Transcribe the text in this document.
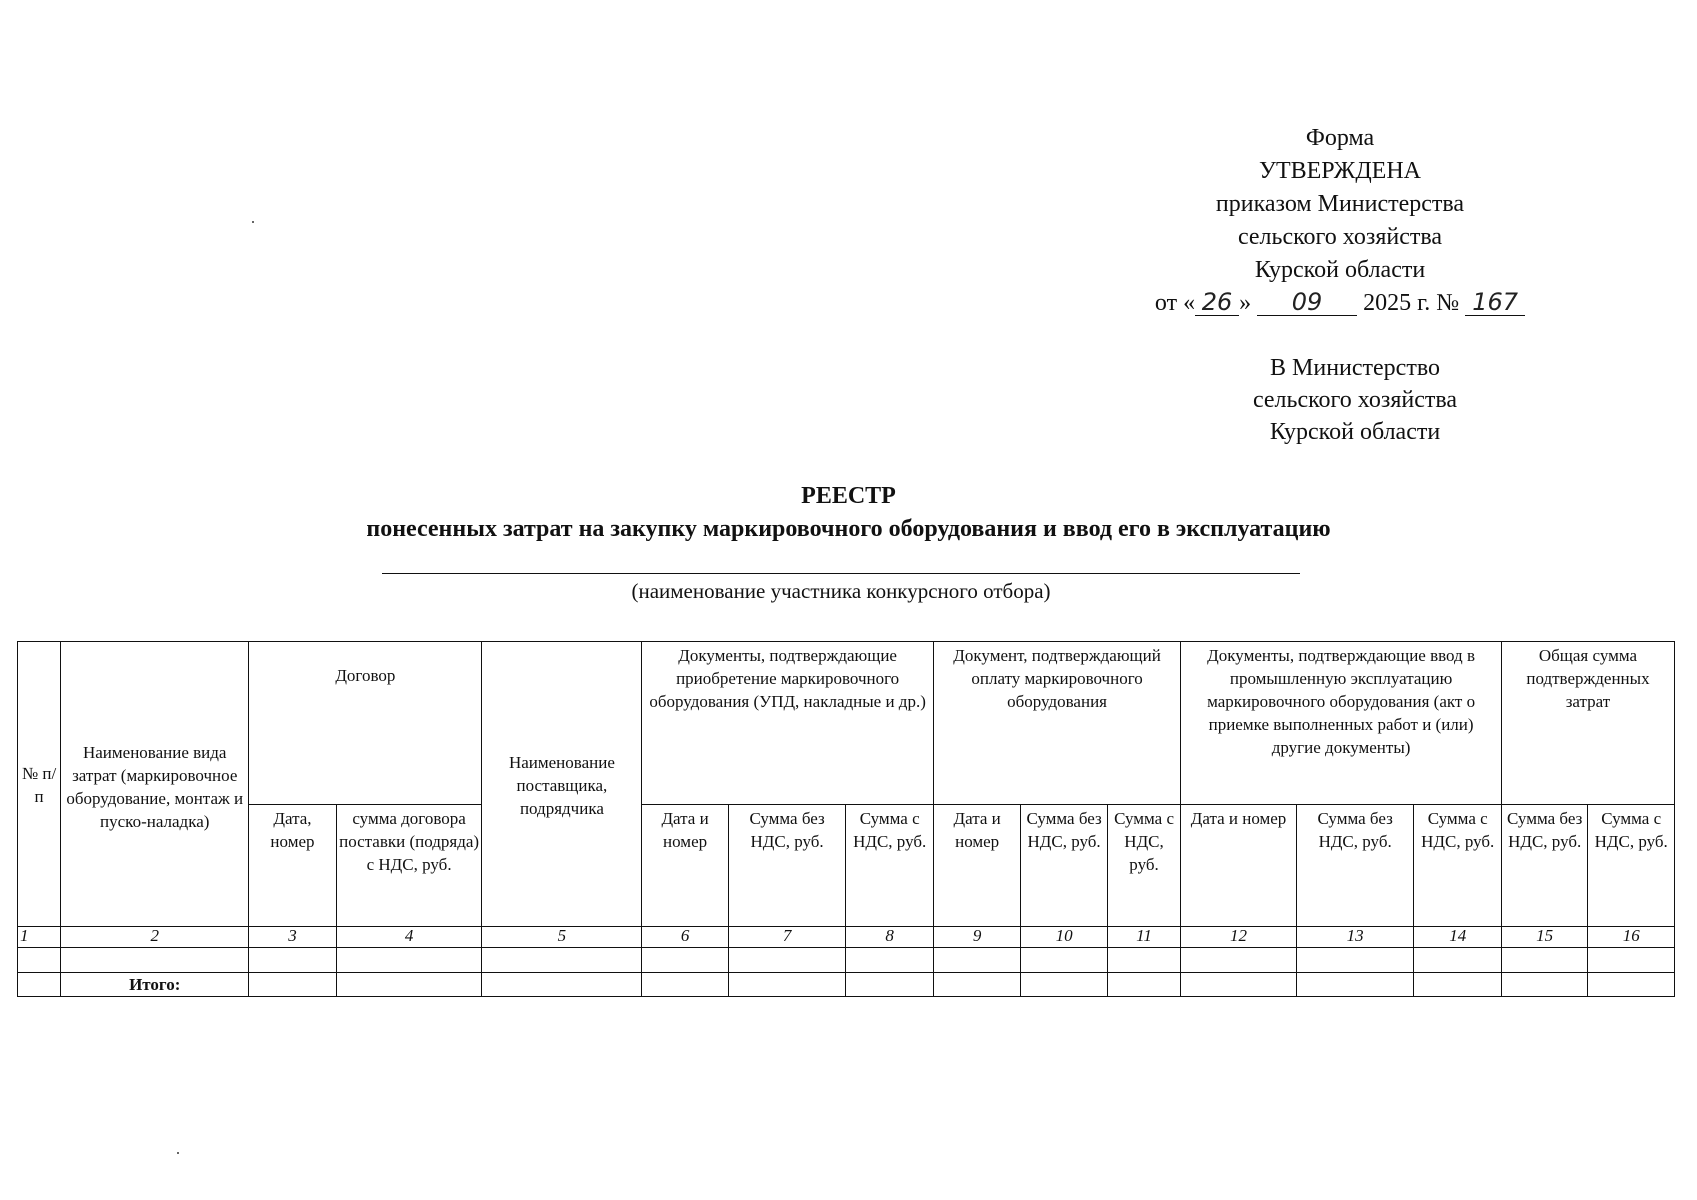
Форма
УТВЕРЖДЕНА
приказом Министерства
сельского хозяйства
Курской области
от « 26 » 09 2025 г. № 167
В Министерство
сельского хозяйства
Курской области
РЕЕСТР
понесенных затрат на закупку маркировочного оборудования и ввод его в эксплуатацию
(наименование участника конкурсного отбора)
№ п/п	Наименование вида затрат (маркировочное оборудование, монтаж и пуско-наладка)	Договор		Наименование поставщика, подрядчика	Документы, подтверждающие приобретение маркировочного оборудования (УПД, накладные и др.)			Документ, подтверждающий оплату маркировочного оборудования			Документы, подтверждающие ввод в промышленную эксплуатацию маркировочного оборудования (акт о приемке выполненных работ и (или) другие документы)			Общая сумма подтвержденных затрат	
		Дата, номер	сумма договора поставки (подряда) с НДС, руб.		Дата и номер	Сумма без НДС, руб.	Сумма с НДС, руб.	Дата и номер	Сумма без НДС, руб.	Сумма с НДС, руб.	Дата и номер	Сумма без НДС, руб.	Сумма с НДС, руб.	Сумма без НДС, руб.	Сумма с НДС, руб.
1	2	3	4	5	6	7	8	9	10	11	12	13	14	15	16

	Итого:														
